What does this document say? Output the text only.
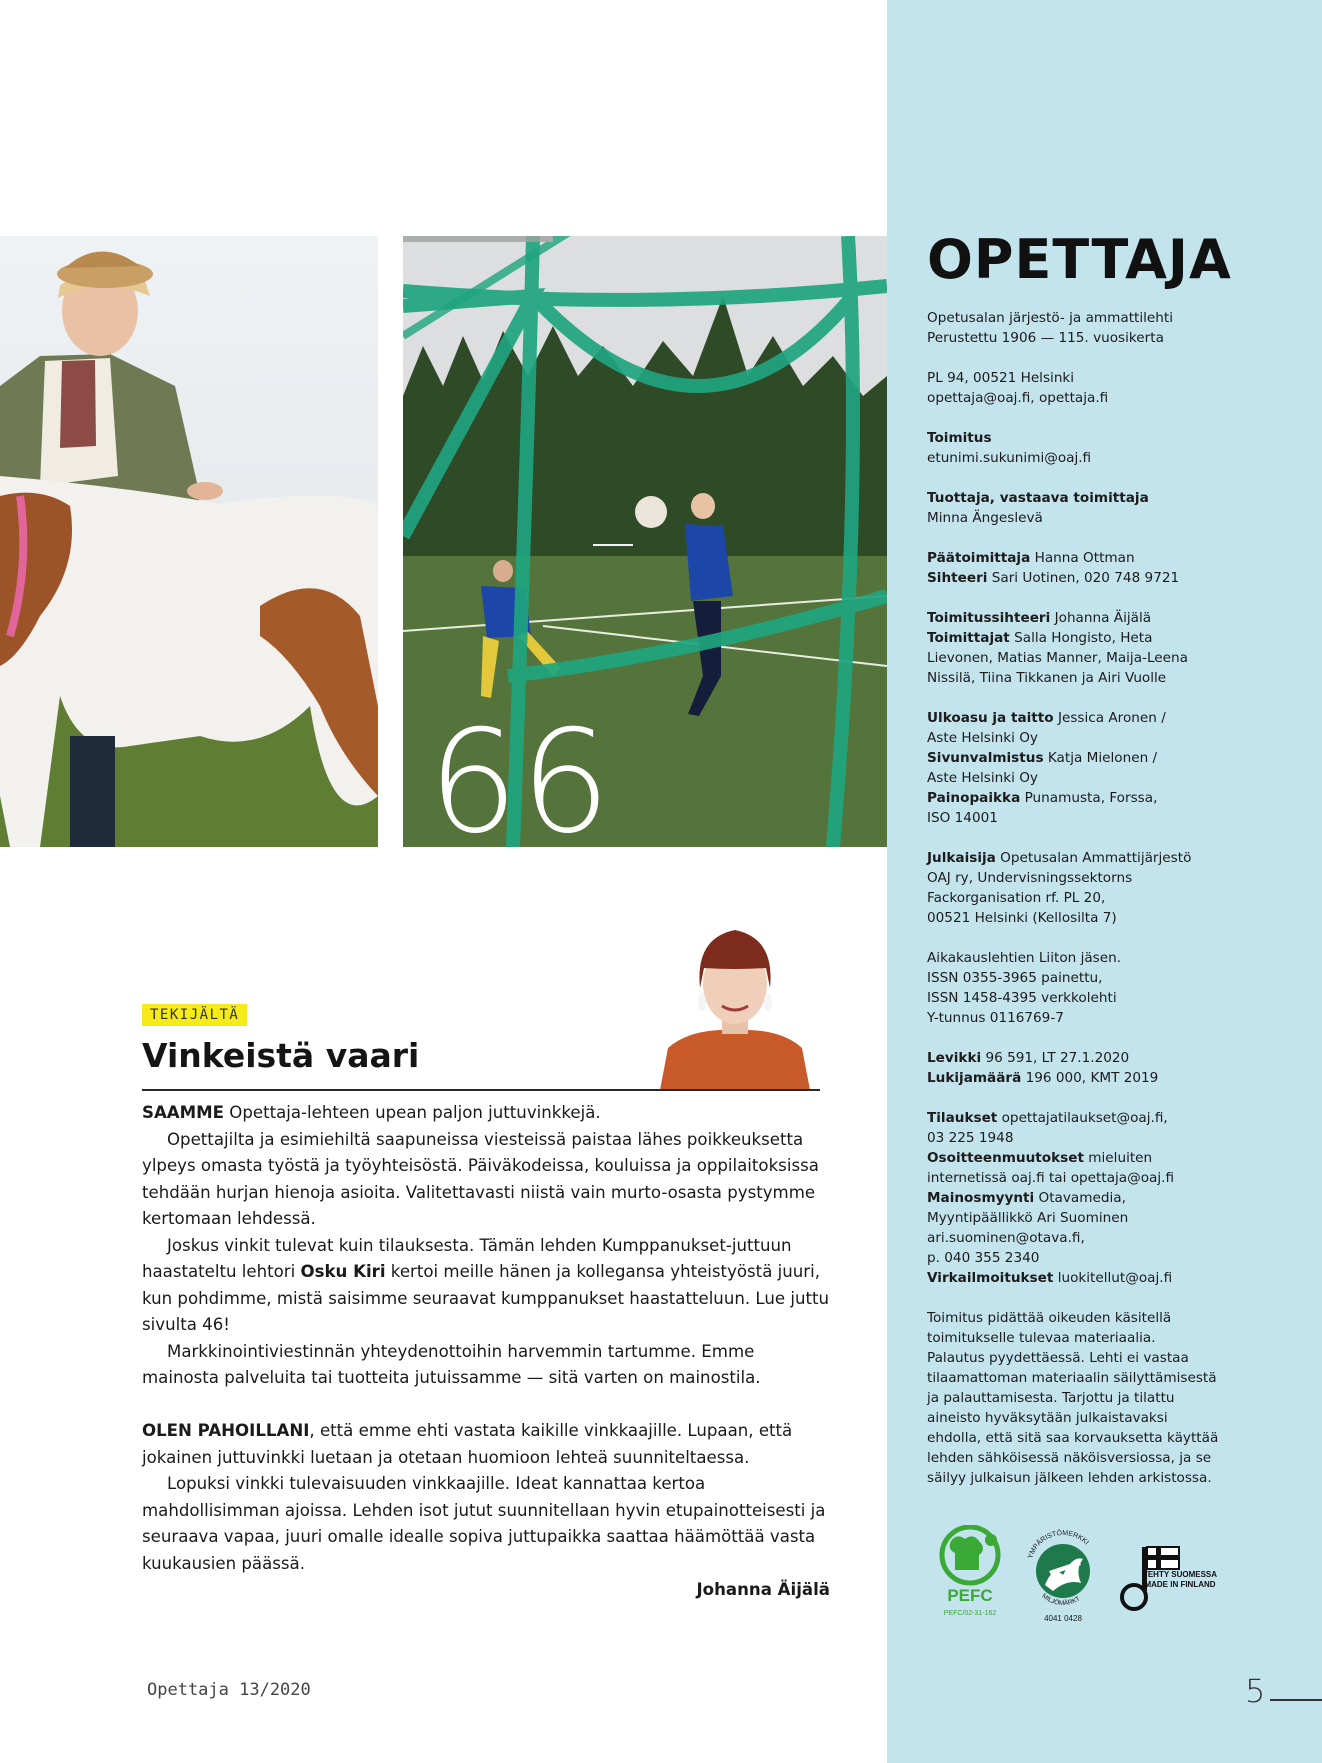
66
OPETTAJA

Opetusalan järjestö- ja ammattilehti

Perustettu 1906 — 115. vuosikerta

PL 94, 00521 Helsinki

opettaja@oaj.fi, opettaja.fi

Toimitus

etunimi.sukunimi@oaj.fi

Tuottaja, vastaava toimittaja

Minna Ängeslevä

Päätoimittaja Hanna Ottman

Sihteeri Sari Uotinen, 020 748 9721

Toimitussihteeri Johanna Äijälä

Toimittajat Salla Hongisto, Heta

Lievonen, Matias Manner, Maija-Leena

Nissilä, Tiina Tikkanen ja Airi Vuolle

Ulkoasu ja taitto Jessica Aronen /

Aste Helsinki Oy

Sivunvalmistus Katja Mielonen /

Aste Helsinki Oy

Painopaikka Punamusta, Forssa,

ISO 14001

Julkaisija Opetusalan Ammattijärjestö

OAJ ry, Undervisningssektorns

Fackorganisation rf. PL 20,

00521 Helsinki (Kellosilta 7)

Aikakauslehtien Liiton jäsen.

ISSN 0355-3965 painettu,

ISSN 1458-4395 verkkolehti

Y-tunnus 0116769-7

Levikki 96 591, LT 27.1.2020

Lukijamäärä 196 000, KMT 2019

Tilaukset opettajatilaukset@oaj.fi,

03 225 1948

Osoitteenmuutokset mieluiten

internetissä oaj.fi tai opettaja@oaj.fi

Mainosmyynti Otavamedia,

Myyntipäällikkö Ari Suominen

ari.suominen@otava.fi,

p. 040 355 2340

Virkailmoitukset luokitellut@oaj.fi

Toimitus pidättää oikeuden käsitellä

toimitukselle tulevaa materiaalia.

Palautus pyydettäessä. Lehti ei vastaa

tilaamattoman materiaalin säilyttämisestä

ja palauttamisesta. Tarjottu ja tilattu

aineisto hyväksytään julkaistavaksi

ehdolla, että sitä saa korvauksetta käyttää

lehden sähköisessä näköisversiossa, ja se

säilyy julkaisun jälkeen lehden arkistossa.

PEFC
PEFC/02-31-162
YMPÄRISTÖMERKKI
MILJÖMÄRKT
4041 0428
TEHTY SUOMESSA
MADE IN FINLAND
TEKIJÄLTÄ
Vinkeistä vaari

SAAMME Opettaja-lehteen upean paljon juttuvinkkejä.

Opettajilta ja esimiehiltä saapuneissa viesteissä paistaa lähes poikkeuksetta ylpeys omasta työstä ja työyhteisöstä. Päiväkodeissa, kouluissa ja oppilaitoksissa tehdään hurjan hienoja asioita. Valitettavasti niistä vain murto-osasta pystymme kertomaan lehdessä.

Joskus vinkit tulevat kuin tilauksesta. Tämän lehden Kumppanukset-juttuun haastateltu lehtori Osku Kiri kertoi meille hänen ja kollegansa yhteistyöstä juuri, kun pohdimme, mistä saisimme seuraavat kumppanukset haastatteluun. Lue juttu sivulta 46!

Markkinointiviestinnän yhteydenottoihin harvemmin tartumme. Emme mainosta palveluita tai tuotteita jutuissamme — sitä varten on mainostila.

OLEN PAHOILLANI, että emme ehti vastata kaikille vinkkaajille. Lupaan, että jokainen juttuvinkki luetaan ja otetaan huomioon lehteä suunniteltaessa.

Lopuksi vinkki tulevaisuuden vinkkaajille. Ideat kannattaa kertoa mahdollisimman ajoissa. Lehden isot jutut suunnitellaan hyvin etupainotteisesti ja seuraava vapaa, juuri omalle idealle sopiva juttupaikka saattaa häämöttää vasta kuukausien päässä.

Johanna Äijälä
Opettaja 13/2020	5
